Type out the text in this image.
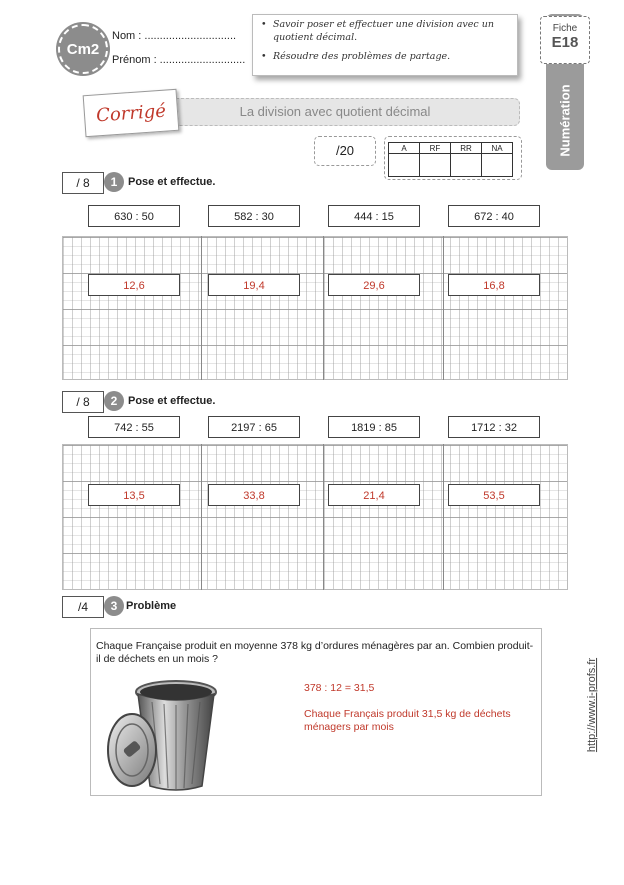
Cm2
Nom : ..............................
Prénom : ............................

• Savoir poser et effectuer une division avec un quotient décimal.

• Résoudre des problèmes de partage.

Fiche
E18
Numération
La division avec quotient décimal
Corrigé
/20	A	RF	RR	NA

/ 8	1 Pose et effectue.
630 : 50	582 : 30	444 : 15	672 : 40
12,6	19,4	29,6	16,8
/ 8	2 Pose et effectue.
742 : 55	2197 : 65	1819 : 85	1712 : 32
13,5	33,8	21,4	53,5
/4	3 Problème
Chaque Française produit en moyenne 378 kg d’ordures ménagères par an. Combien produit-il de déchets en un mois ?
378 : 12 = 31,5
Chaque Français produit 31,5 kg de déchets ménagers par mois	http://www.i-profs.fr
